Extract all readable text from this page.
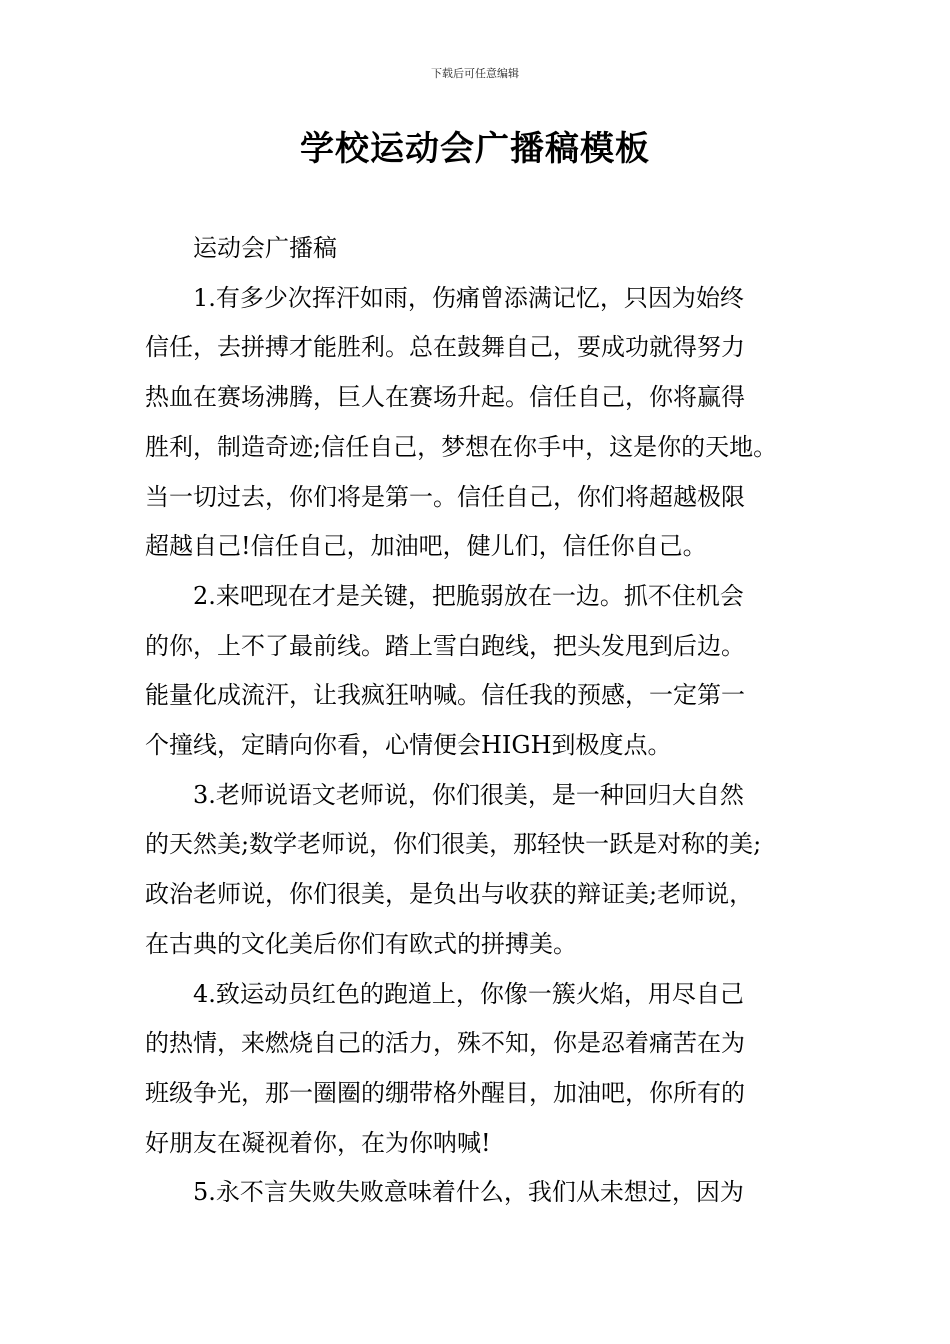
下载后可任意编辑
学校运动会广播稿模板

运动会广播稿

1.有多少次挥汗如雨，伤痛曾添满记忆，只因为始终
信任，去拼搏才能胜利。总在鼓舞自己，要成功就得努力
热血在赛场沸腾，巨人在赛场升起。信任自己，你将赢得
胜利，制造奇迹;信任自己，梦想在你手中，这是你的天地。
当一切过去，你们将是第一。信任自己，你们将超越极限
超越自己!信任自己，加油吧，健儿们，信任你自己。

2.来吧现在才是关键，把脆弱放在一边。抓不住机会
的你，上不了最前线。踏上雪白跑线，把头发甩到后边。
能量化成流汗，让我疯狂呐喊。信任我的预感，一定第一
个撞线，定睛向你看，心情便会HIGH到极度点。

3.老师说语文老师说，你们很美，是一种回归大自然
的天然美;数学老师说，你们很美，那轻快一跃是对称的美;
政治老师说，你们很美，是负出与收获的辩证美;老师说，
在古典的文化美后你们有欧式的拼搏美。

4.致运动员红色的跑道上，你像一簇火焰，用尽自己
的热情，来燃烧自己的活力，殊不知，你是忍着痛苦在为
班级争光，那一圈圈的绷带格外醒目，加油吧，你所有的
好朋友在凝视着你，在为你呐喊!

5.永不言失败失败意味着什么，我们从未想过，因为
